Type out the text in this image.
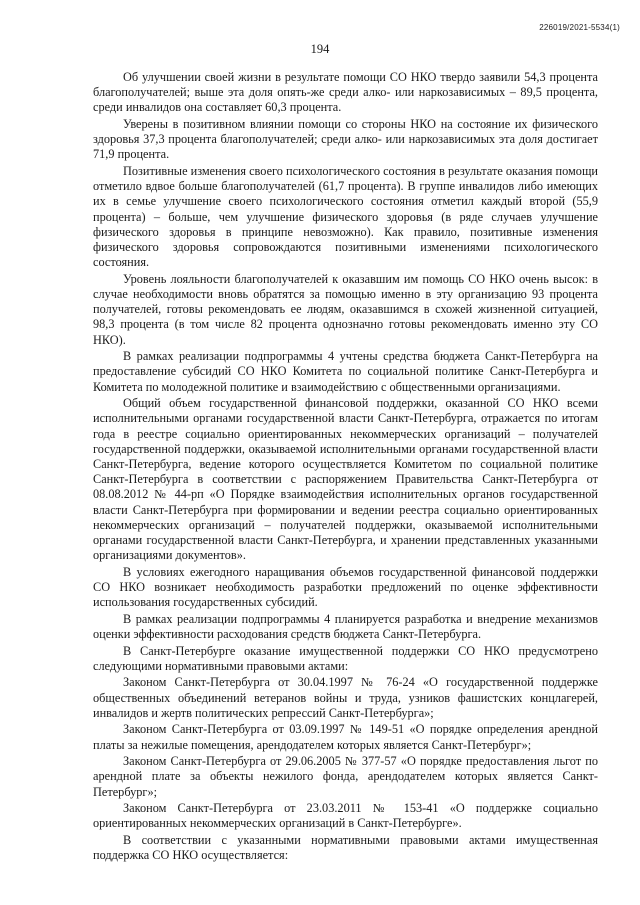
226019/2021-5534(1)
194

Об улучшении своей жизни в результате помощи СО НКО твердо заявили 54,3 процента благополучателей; выше эта доля опять-же среди алко- или наркозависимых – 89,5 процента, среди инвалидов она составляет 60,3 процента.

Уверены в позитивном влиянии помощи со стороны НКО на состояние их физического здоровья 37,3 процента благополучателей; среди алко- или наркозависимых эта доля достигает 71,9 процента.

Позитивные изменения своего психологического состояния в результате оказания помощи отметило вдвое больше благополучателей (61,7 процента). В группе инвалидов либо имеющих их в семье улучшение своего психологического состояния отметил каждый второй (55,9 процента) – больше, чем улучшение физического здоровья (в ряде случаев улучшение физического здоровья в принципе невозможно). Как правило, позитивные изменения физического здоровья сопровождаются позитивными изменениями психологического состояния.

Уровень лояльности благополучателей к оказавшим им помощь СО НКО очень высок: в случае необходимости вновь обратятся за помощью именно в эту организацию 93 процента получателей, готовы рекомендовать ее людям, оказавшимся в схожей жизненной ситуацией, 98,3 процента (в том числе 82 процента однозначно готовы рекомендовать именно эту СО НКО).

В рамках реализации подпрограммы 4 учтены средства бюджета Санкт-Петербурга на предоставление субсидий СО НКО Комитета по социальной политике Санкт-Петербурга и Комитета по молодежной политике и взаимодействию с общественными организациями.

Общий объем государственной финансовой поддержки, оказанной СО НКО всеми исполнительными органами государственной власти Санкт-Петербурга, отражается по итогам года в реестре социально ориентированных некоммерческих организаций – получателей государственной поддержки, оказываемой исполнительными органами государственной власти Санкт-Петербурга, ведение которого осуществляется Комитетом по социальной политике Санкт-Петербурга в соответствии с распоряжением Правительства Санкт-Петербурга от 08.08.2012 № 44-рп «О Порядке взаимодействия исполнительных органов государственной власти Санкт-Петербурга при формировании и ведении реестра социально ориентированных некоммерческих организаций – получателей поддержки, оказываемой исполнительными органами государственной власти Санкт-Петербурга, и хранении представленных указанными организациями документов».

В условиях ежегодного наращивания объемов государственной финансовой поддержки СО НКО возникает необходимость разработки предложений по оценке эффективности использования государственных субсидий.

В рамках реализации подпрограммы 4 планируется разработка и внедрение механизмов оценки эффективности расходования средств бюджета Санкт-Петербурга.

В Санкт-Петербурге оказание имущественной поддержки СО НКО предусмотрено следующими нормативными правовыми актами:

Законом Санкт-Петербурга от 30.04.1997 № 76-24 «О государственной поддержке общественных объединений ветеранов войны и труда, узников фашистских концлагерей, инвалидов и жертв политических репрессий Санкт-Петербурга»;

Законом Санкт-Петербурга от 03.09.1997 № 149-51 «О порядке определения арендной платы за нежилые помещения, арендодателем которых является Санкт-Петербург»;

Законом Санкт-Петербурга от 29.06.2005 № 377-57 «О порядке предоставления льгот по арендной плате за объекты нежилого фонда, арендодателем которых является Санкт-Петербург»;

Законом Санкт-Петербурга от 23.03.2011 № 153-41 «О поддержке социально ориентированных некоммерческих организаций в Санкт-Петербурге».

В соответствии с указанными нормативными правовыми актами имущественная поддержка СО НКО осуществляется:
